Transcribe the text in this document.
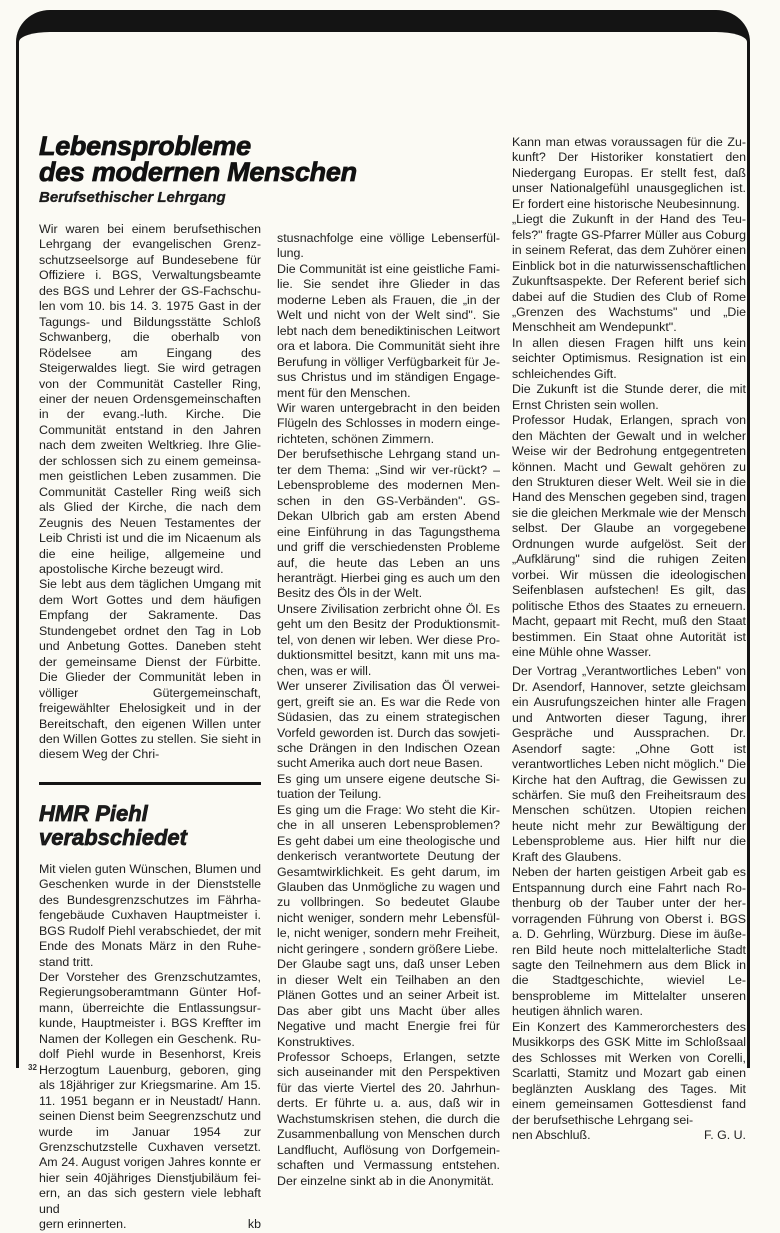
Lebensprobleme
des modernen Menschen
Berufsethischer Lehrgang

Wir waren bei einem berufsethischen Lehrgang der evangelischen Grenzschutzseelsorge auf Bundesebene für Offiziere i. BGS, Verwaltungsbeamte des BGS und Lehrer der GS-Fachschulen vom 10. bis 14. 3. 1975 Gast in der Tagungs- und Bildungsstätte Schloß Schwanberg, die oberhalb von Rödelsee am Eingang des Steigerwaldes liegt. Sie wird getragen von der Communität Casteller Ring, einer der neuen Ordensgemeinschaften in der evang.-luth. Kirche. Die Communität entstand in den Jahren nach dem zweiten Weltkrieg. Ihre Glieder schlossen sich zu einem gemeinsamen geistlichen Leben zusammen. Die Communität Casteller Ring weiß sich als Glied der Kirche, die nach dem Zeugnis des Neuen Testamentes der Leib Christi ist und die im Nicaenum als die eine heilige, allgemeine und apostolische Kirche bezeugt wird.

Sie lebt aus dem täglichen Umgang mit dem Wort Gottes und dem häufigen Empfang der Sakramente. Das Stundengebet ordnet den Tag in Lob und Anbetung Gottes. Daneben steht der gemeinsame Dienst der Fürbitte. Die Glieder der Communität leben in völliger Gütergemeinschaft, freigewählter Ehelosigkeit und in der Bereitschaft, den eigenen Willen unter den Willen Gottes zu stellen. Sie sieht in diesem Weg der Chri-

HMR Piehl
verabschiedet

Mit vielen guten Wünschen, Blumen und Geschenken wurde in der Dienststelle des Bundesgrenzschutzes im Fährhafengebäude Cuxhaven Hauptmeister i. BGS Rudolf Piehl verabschiedet, der mit Ende des Monats März in den Ruhestand tritt.

Der Vorsteher des Grenzschutzamtes, Regierungsoberamtmann Günter Hofmann, überreichte die Entlassungsurkunde, Hauptmeister i. BGS Kreffter im Namen der Kollegen ein Geschenk. Rudolf Piehl wurde in Besenhorst, Kreis Herzogtum Lauenburg, geboren, ging als 18jähriger zur Kriegsmarine. Am 15. 11. 1951 begann er in Neustadt/ Hann. seinen Dienst beim Seegrenzschutz und wurde im Januar 1954 zur Grenzschutzstelle Cuxhaven versetzt. Am 24. August vorigen Jahres konnte er hier sein 40jähriges Dienstjubiläum feiern, an das sich gestern viele lebhaft und

gern erinnerten.	kb

stusnachfolge eine völlige Lebenserfüllung.

Die Communität ist eine geistliche Familie. Sie sendet ihre Glieder in das moderne Leben als Frauen, die „in der Welt und nicht von der Welt sind". Sie lebt nach dem benediktinischen Leitwort ora et labora. Die Communität sieht ihre Berufung in völliger Verfügbarkeit für Jesus Christus und im ständigen Engagement für den Menschen.

Wir waren untergebracht in den beiden Flügeln des Schlosses in modern eingerichteten, schönen Zimmern.

Der berufsethische Lehrgang stand unter dem Thema: „Sind wir ver-rückt? – Lebensprobleme des modernen Menschen in den GS-Verbänden". GS-Dekan Ulbrich gab am ersten Abend eine Einführung in das Tagungsthema und griff die verschiedensten Probleme auf, die heute das Leben an uns heranträgt. Hierbei ging es auch um den Besitz des Öls in der Welt.

Unsere Zivilisation zerbricht ohne Öl. Es geht um den Besitz der Produktionsmittel, von denen wir leben. Wer diese Produktionsmittel besitzt, kann mit uns machen, was er will.

Wer unserer Zivilisation das Öl verweigert, greift sie an. Es war die Rede von Südasien, das zu einem strategischen Vorfeld geworden ist. Durch das sowjetische Drängen in den Indischen Ozean sucht Amerika auch dort neue Basen.

Es ging um unsere eigene deutsche Situation der Teilung.

Es ging um die Frage: Wo steht die Kirche in all unseren Lebensproblemen? Es geht dabei um eine theologische und denkerisch verantwortete Deutung der Gesamtwirklichkeit. Es geht darum, im Glauben das Unmögliche zu wagen und zu vollbringen. So bedeutet Glaube nicht weniger, sondern mehr Lebensfülle, nicht weniger, sondern mehr Freiheit, nicht geringere , sondern größere Liebe.

Der Glaube sagt uns, daß unser Leben in dieser Welt ein Teilhaben an den Plänen Gottes und an seiner Arbeit ist. Das aber gibt uns Macht über alles Negative und macht Energie frei für Konstruktives.

Professor Schoeps, Erlangen, setzte sich auseinander mit den Perspektiven für das vierte Viertel des 20. Jahrhunderts. Er führte u. a. aus, daß wir in Wachstumskrisen stehen, die durch die Zusammenballung von Menschen durch Landflucht, Auflösung von Dorfgemeinschaften und Vermassung entstehen. Der einzelne sinkt ab in die Anonymität.

Kann man etwas voraussagen für die Zukunft? Der Historiker konstatiert den Niedergang Europas. Er stellt fest, daß unser Nationalgefühl unausgeglichen ist. Er fordert eine historische Neubesinnung.

„Liegt die Zukunft in der Hand des Teufels?" fragte GS-Pfarrer Müller aus Coburg in seinem Referat, das dem Zuhörer einen Einblick bot in die naturwissenschaftlichen Zukunftsaspekte. Der Referent berief sich dabei auf die Studien des Club of Rome „Grenzen des Wachstums" und „Die Menschheit am Wendepunkt".

In allen diesen Fragen hilft uns kein seichter Optimismus. Resignation ist ein schleichendes Gift.

Die Zukunft ist die Stunde derer, die mit Ernst Christen sein wollen.

Professor Hudak, Erlangen, sprach von den Mächten der Gewalt und in welcher Weise wir der Bedrohung entgegentreten können. Macht und Gewalt gehören zu den Strukturen dieser Welt. Weil sie in die Hand des Menschen gegeben sind, tragen sie die gleichen Merkmale wie der Mensch selbst. Der Glaube an vorgegebene Ordnungen wurde aufgelöst. Seit der „Aufklärung" sind die ruhigen Zeiten vorbei. Wir müssen die ideologischen Seifenblasen aufstechen! Es gilt, das politische Ethos des Staates zu erneuern. Macht, gepaart mit Recht, muß den Staat bestimmen. Ein Staat ohne Autorität ist eine Mühle ohne Wasser.

Der Vortrag „Verantwortliches Leben" von Dr. Asendorf, Hannover, setzte gleichsam ein Ausrufungszeichen hinter alle Fragen und Antworten dieser Tagung, ihrer Gespräche und Aussprachen. Dr. Asendorf sagte: „Ohne Gott ist verantwortliches Leben nicht möglich." Die Kirche hat den Auftrag, die Gewissen zu schärfen. Sie muß den Freiheitsraum des Menschen schützen. Utopien reichen heute nicht mehr zur Bewältigung der Lebensprobleme aus. Hier hilft nur die Kraft des Glaubens.

Neben der harten geistigen Arbeit gab es Entspannung durch eine Fahrt nach Rothenburg ob der Tauber unter der hervorragenden Führung von Oberst i. BGS a. D. Gehrling, Würzburg. Diese im äußeren Bild heute noch mittelalterliche Stadt sagte den Teilnehmern aus dem Blick in die Stadtgeschichte, wieviel Lebensprobleme im Mittelalter unseren heutigen ähnlich waren.

Ein Konzert des Kammerorchesters des Musikkorps des GSK Mitte im Schloßsaal des Schlosses mit Werken von Corelli, Scarlatti, Stamitz und Mozart gab einen beglänzten Ausklang des Tages. Mit einem gemeinsamen Gottesdienst fand der berufsethische Lehrgang sei-

nen Abschluß.	F. G. U.
32
